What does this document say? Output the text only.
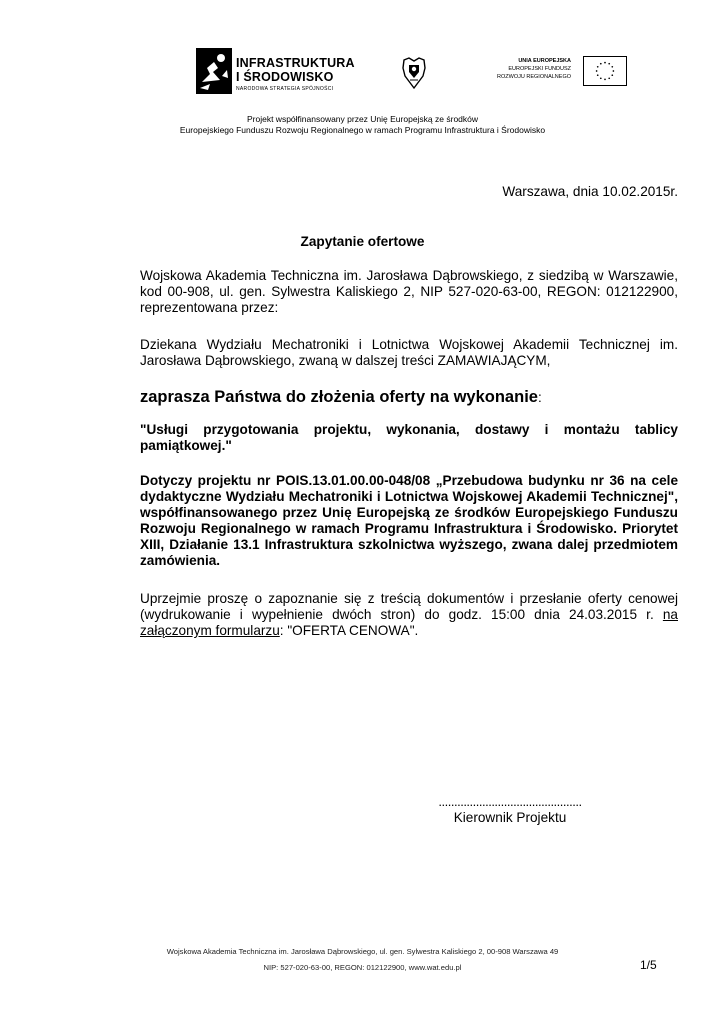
INFRASTRUKTURA
I ŚRODOWISKO
NARODOWA STRATEGIA SPÓJNOŚCI
UNIA EUROPEJSKA
EUROPEJSKI FUNDUSZ
ROZWOJU REGIONALNEGO
Projekt współfinansowany przez Unię Europejską ze środków
Europejskiego Funduszu Rozwoju Regionalnego w ramach Programu Infrastruktura i Środowisko
Warszawa, dnia 10.02.2015r.
Zapytanie ofertowe
Wojskowa Akademia Techniczna im. Jarosława Dąbrowskiego, z siedzibą w Warszawie, kod 00-908, ul. gen. Sylwestra Kaliskiego 2, NIP 527-020-63-00, REGON: 012122900, reprezentowana przez:
Dziekana Wydziału Mechatroniki i Lotnictwa Wojskowej Akademii Technicznej im. Jarosława Dąbrowskiego, zwaną w dalszej treści ZAMAWIAJĄCYM,
zaprasza Państwa do złożenia oferty na wykonanie:
"Usługi przygotowania projektu, wykonania, dostawy i montażu tablicy pamiątkowej."
Dotyczy projektu nr POIS.13.01.00.00-048/08 „Przebudowa budynku nr 36 na cele dydaktyczne Wydziału Mechatroniki i Lotnictwa Wojskowej Akademii Technicznej", współfinansowanego przez Unię Europejską ze środków Europejskiego Funduszu Rozwoju Regionalnego w ramach Programu Infrastruktura i Środowisko. Priorytet XIII, Działanie 13.1 Infrastruktura szkolnictwa wyższego, zwana dalej przedmiotem zamówienia.
Uprzejmie proszę o zapoznanie się z treścią dokumentów i przesłanie oferty cenowej (wydrukowanie i wypełnienie dwóch stron) do godz. 15:00 dnia 24.03.2015 r. na załączonym formularzu: "OFERTA CENOWA".
..............................................
Kierownik Projektu
Wojskowa Akademia Techniczna im. Jarosława Dąbrowskiego, ul. gen. Sylwestra Kaliskiego 2, 00-908 Warszawa 49
NIP: 527-020-63-00, REGON: 012122900, www.wat.edu.pl	1/5
